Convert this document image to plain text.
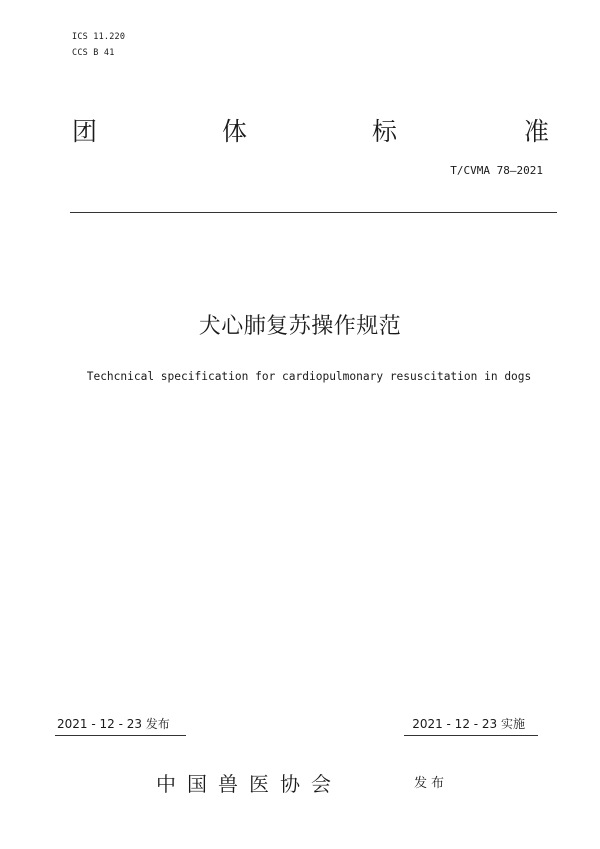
ICS 11.220
CCS B 41
团	体	标	准
T/CVMA 78—2021
犬心肺复苏操作规范
Techcnical specification for cardiopulmonary resuscitation in dogs
2021 - 12 - 23 发布	2021 - 12 - 23 实施
中国兽医协会	发布
